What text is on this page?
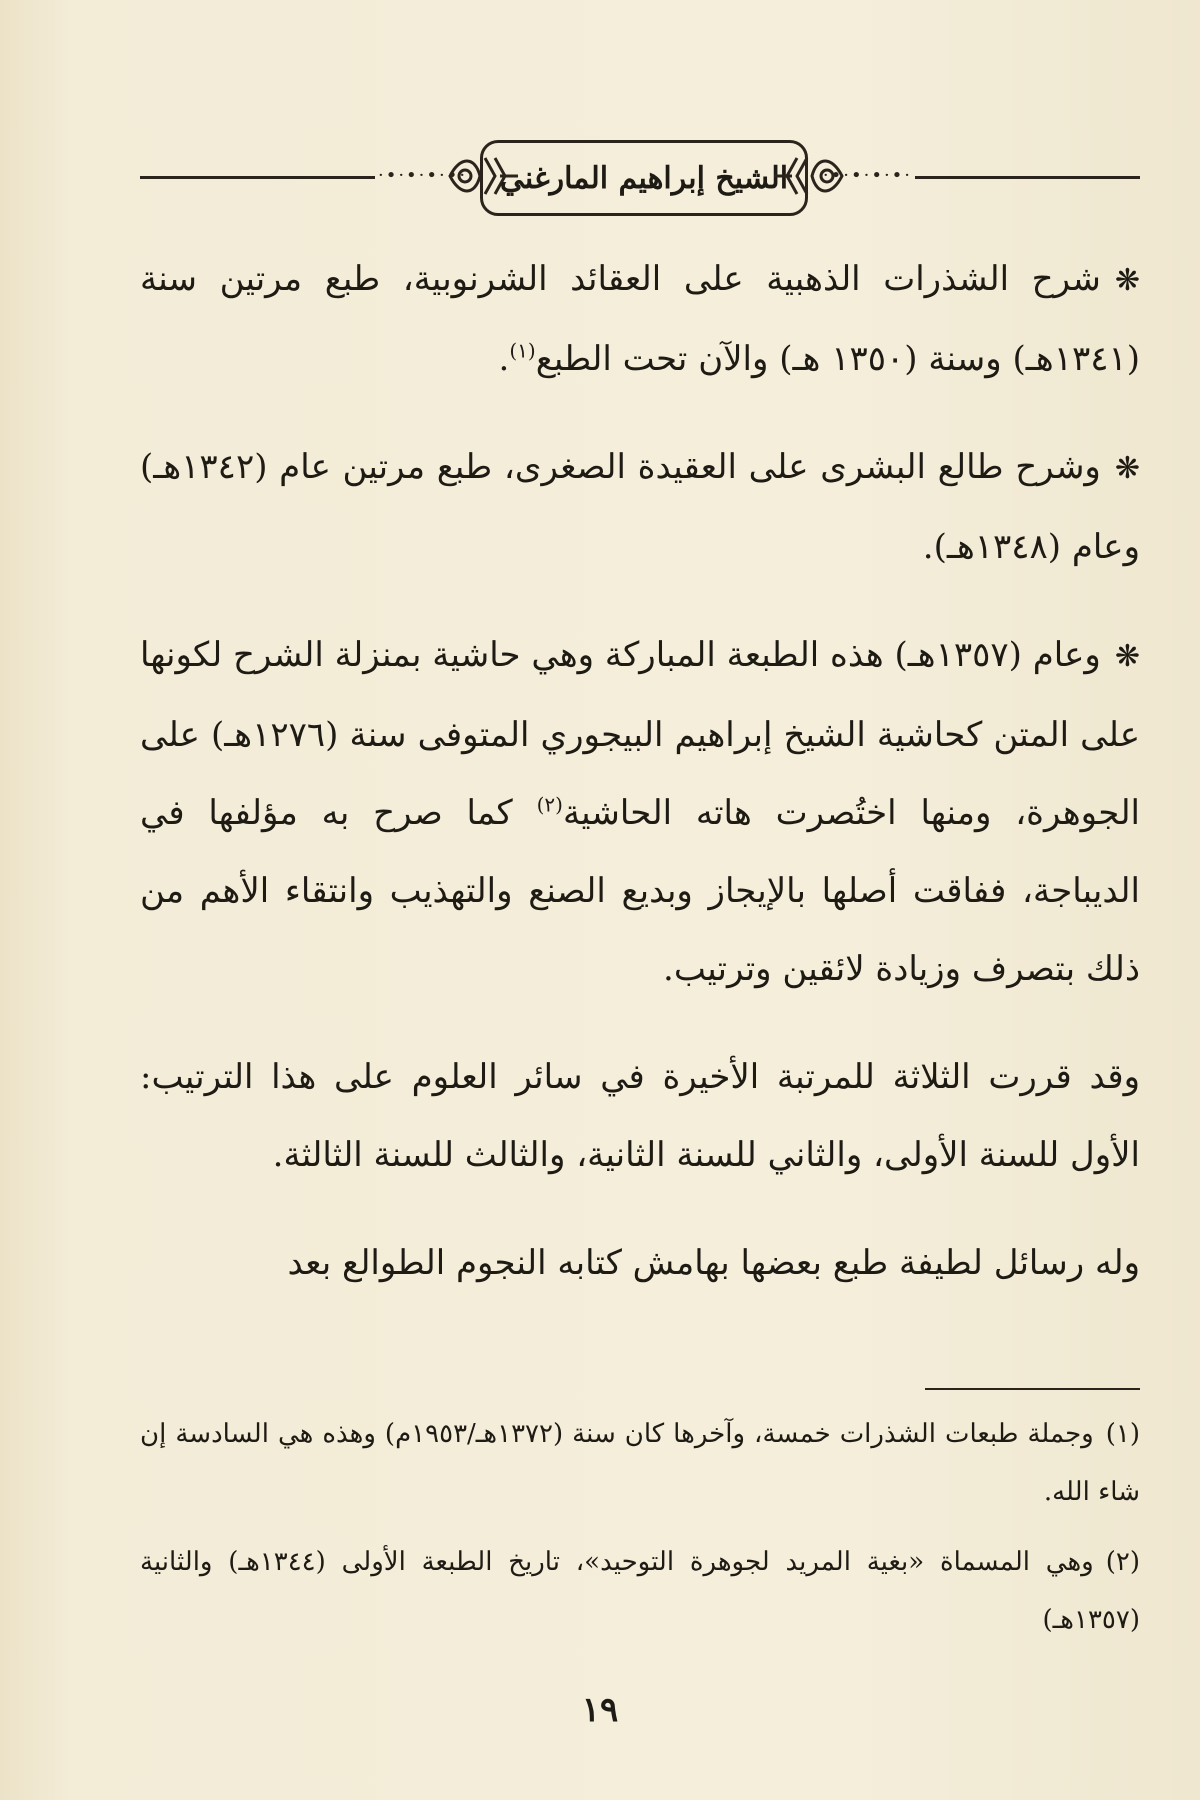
·•·•·•·•·	·•·•·•·•·
الشيخ إبراهيم المارغني

❋شرح الشذرات الذهبية على العقائد الشرنوبية، طبع مرتين سنة (١٣٤١هـ) وسنة (١٣٥٠ هـ) والآن تحت الطبع$^{(١)}$.

❋وشرح طالع البشرى على العقيدة الصغرى، طبع مرتين عام (١٣٤٢هـ) وعام (١٣٤٨هـ).

❋وعام (١٣٥٧هـ) هذه الطبعة المباركة وهي حاشية بمنزلة الشرح لكونها على المتن كحاشية الشيخ إبراهيم البيجوري المتوفى سنة (١٢٧٦هـ) على الجوهرة، ومنها اختُصرت هاته الحاشية$^{(٢)}$ كما صرح به مؤلفها في الديباجة، ففاقت أصلها بالإيجاز وبديع الصنع والتهذيب وانتقاء الأهم من ذلك بتصرف وزيادة لائقين وترتيب.

وقد قررت الثلاثة للمرتبة الأخيرة في سائر العلوم على هذا الترتيب: الأول للسنة الأولى، والثاني للسنة الثانية، والثالث للسنة الثالثة.

وله رسائل لطيفة طبع بعضها بهامش كتابه النجوم الطوالع بعد

(١)وجملة طبعات الشذرات خمسة، وآخرها كان سنة (١٣٧٢هـ/١٩٥٣م) وهذه هي السادسة إن شاء الله.

(٢)وهي المسماة «بغية المريد لجوهرة التوحيد»، تاريخ الطبعة الأولى (١٣٤٤هـ) والثانية (١٣٥٧هـ)

١٩
